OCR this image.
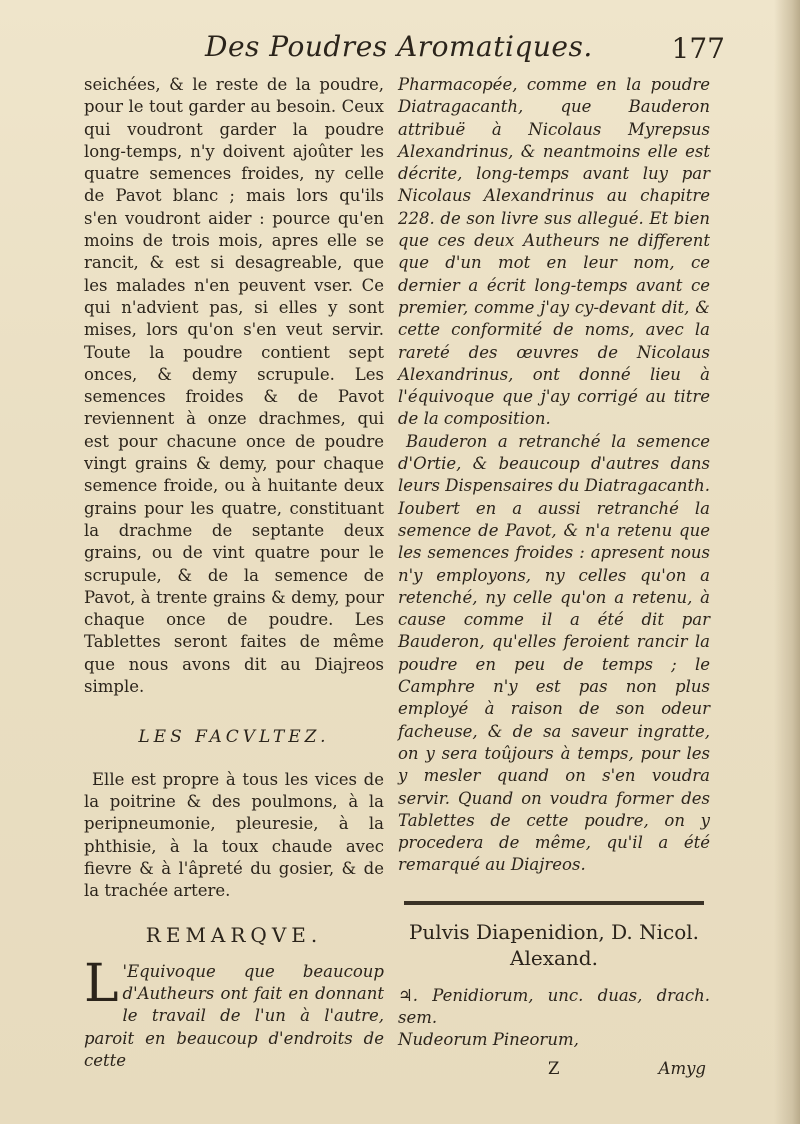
Des Poudres Aromatiques.	177

seichées, & le reste de la poudre, pour le tout garder au besoin. Ceux qui voudront garder la poudre long-temps, n'y doivent ajoûter les quatre semences froides, ny celle de Pavot blanc ; mais lors qu'ils s'en voudront aider : pource qu'en moins de trois mois, apres elle se rancit, & est si desagreable, que les malades n'en peuvent vser. Ce qui n'advient pas, si elles y sont mises, lors qu'on s'en veut servir. Toute la poudre contient sept onces, & demy scrupule. Les semences froides & de Pavot reviennent à onze drachmes, qui est pour chacune once de poudre vingt grains & demy, pour chaque semence froide, ou à huitante deux grains pour les quatre, constituant la drachme de septante deux grains, ou de vint quatre pour le scrupule, & de la semence de Pavot, à trente grains & demy, pour chaque once de poudre. Les Tablettes seront faites de même que nous avons dit au Diajreos simple.

LES FACVLTEZ.

Elle est propre à tous les vices de la poitrine & des poulmons, à la peripneumonie, pleuresie, à la phthisie, à la toux chaude avec fievre & à l'âpreté du gosier, & de la trachée artere.

REMARQVE.

L 'Equivoque que beaucoup d'Autheurs ont fait en donnant le travail de l'un à l'autre, paroit en beaucoup d'endroits de cette

Pharmacopée, comme en la poudre Diatragacanth, que Bauderon attribuë à Nicolaus Myrepsus Alexandrinus, & neantmoins elle est décrite, long-temps avant luy par Nicolaus Alexandrinus au chapitre 228. de son livre sus allegué. Et bien que ces deux Autheurs ne different que d'un mot en leur nom, ce dernier a écrit long-temps avant ce premier, comme j'ay cy-devant dit, & cette conformité de noms, avec la rareté des œuvres de Nicolaus Alexandrinus, ont donné lieu à l'équivoque que j'ay corrigé au titre de la composition.

Bauderon a retranché la semence d'Ortie, & beaucoup d'autres dans leurs Dispensaires du Diatragacanth. Ioubert en a aussi retranché la semence de Pavot, & n'a retenu que les semences froides : apresent nous n'y employons, ny celles qu'on a retenché, ny celle qu'on a retenu, à cause comme il a été dit par Bauderon, qu'elles feroient rancir la poudre en peu de temps ; le Camphre n'y est pas non plus employé à raison de son odeur facheuse, & de sa saveur ingratte, on y sera toûjours à temps, pour les y mesler quand on s'en voudra servir. Quand on voudra former des Tablettes de cette poudre, on y procedera de même, qu'il a été remarqué au Diajreos.

Pulvis Diapenidion, D. Nicol. Alexand.
♃. Penidiorum, unc. duas, drach. sem.
Nudeorum Pineorum,
Z	Amyg
